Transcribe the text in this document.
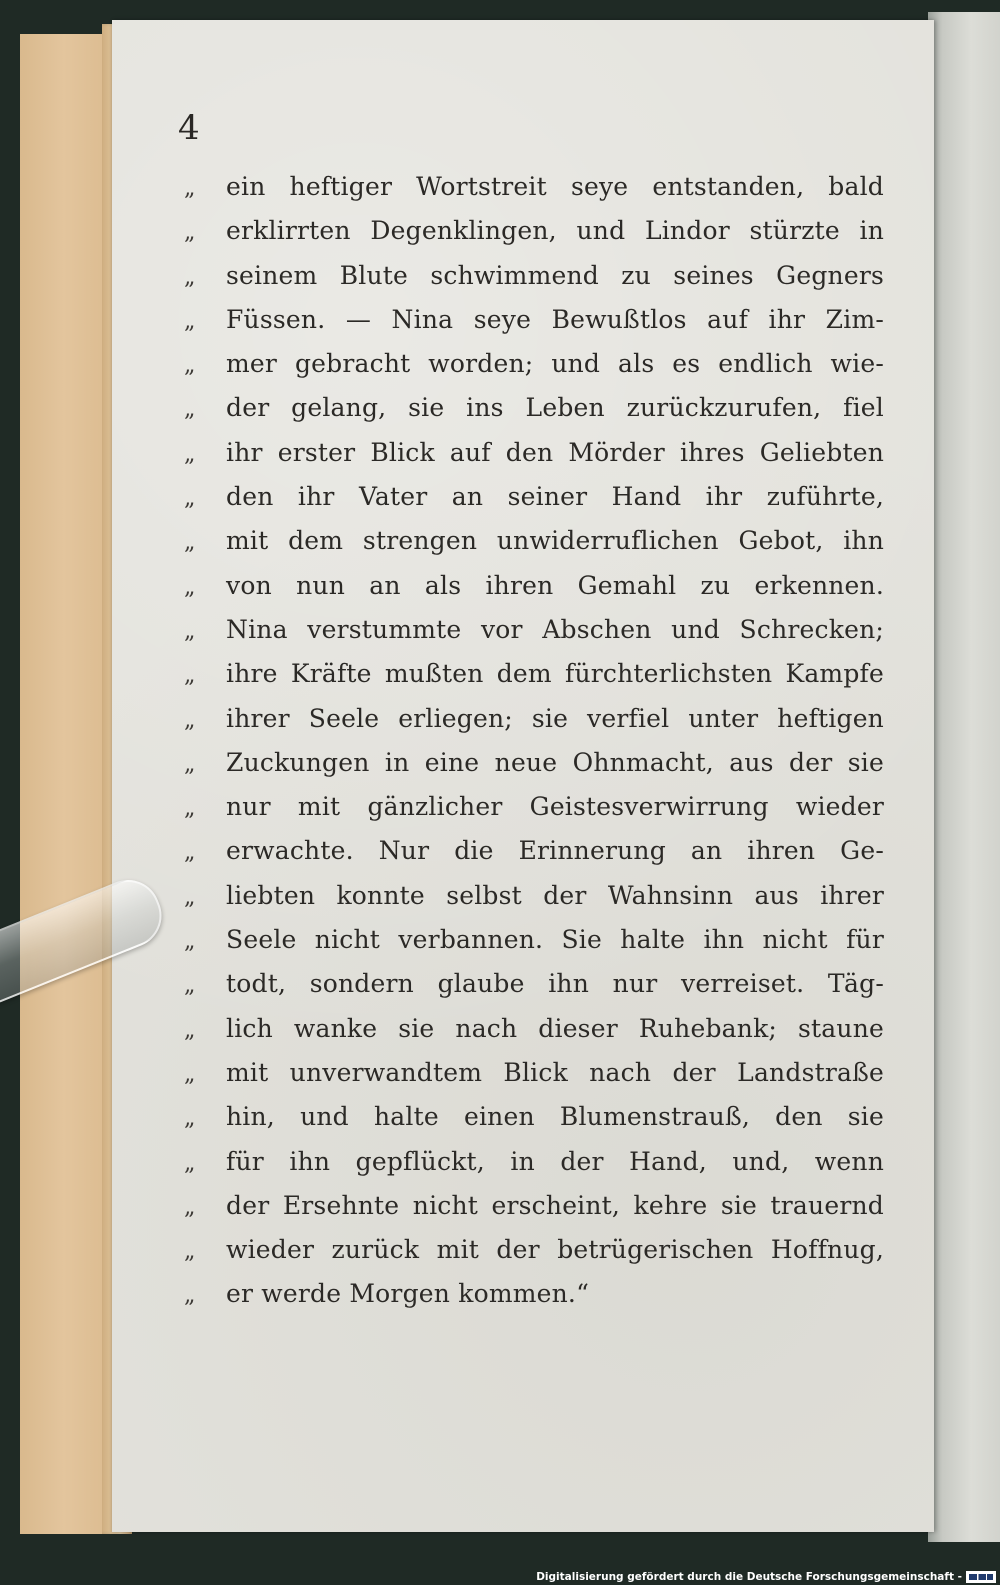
4

„	ein heftiger Wortstreit seye entstanden, bald
„	erklirrten Degenklingen, und Lindor stürzte in
„	seinem Blute schwimmend zu seines Gegners
„	Füssen. — Nina seye Bewußtlos auf ihr Zim-
„	mer gebracht worden; und als es endlich wie-
„	der gelang, sie ins Leben zurückzurufen, fiel
„	ihr erster Blick auf den Mörder ihres Geliebten
„	den ihr Vater an seiner Hand ihr zuführte,
„	mit dem strengen unwiderruflichen Gebot, ihn
„	von nun an als ihren Gemahl zu erkennen.
„	Nina verstummte vor Abschen und Schrecken;
„	ihre Kräfte mußten dem fürchterlichsten Kampfe
„	ihrer Seele erliegen; sie verfiel unter heftigen
„	Zuckungen in eine neue Ohnmacht, aus der sie
„	nur mit gänzlicher Geistesverwirrung wieder
„	erwachte. Nur die Erinnerung an ihren Ge-
„	liebten konnte selbst der Wahnsinn aus ihrer
„	Seele nicht verbannen. Sie halte ihn nicht für
„	todt, sondern glaube ihn nur verreiset. Täg-
„	lich wanke sie nach dieser Ruhebank; staune
„	mit unverwandtem Blick nach der Landstraße
„	hin, und halte einen Blumenstrauß, den sie
„	für ihn gepflückt, in der Hand, und, wenn
„	der Ersehnte nicht erscheint, kehre sie trauernd
„	wieder zurück mit der betrügerischen Hoffnug,
„	er werde Morgen kommen.“

Digitalisierung gefördert durch die Deutsche Forschungsgemeinschaft -
